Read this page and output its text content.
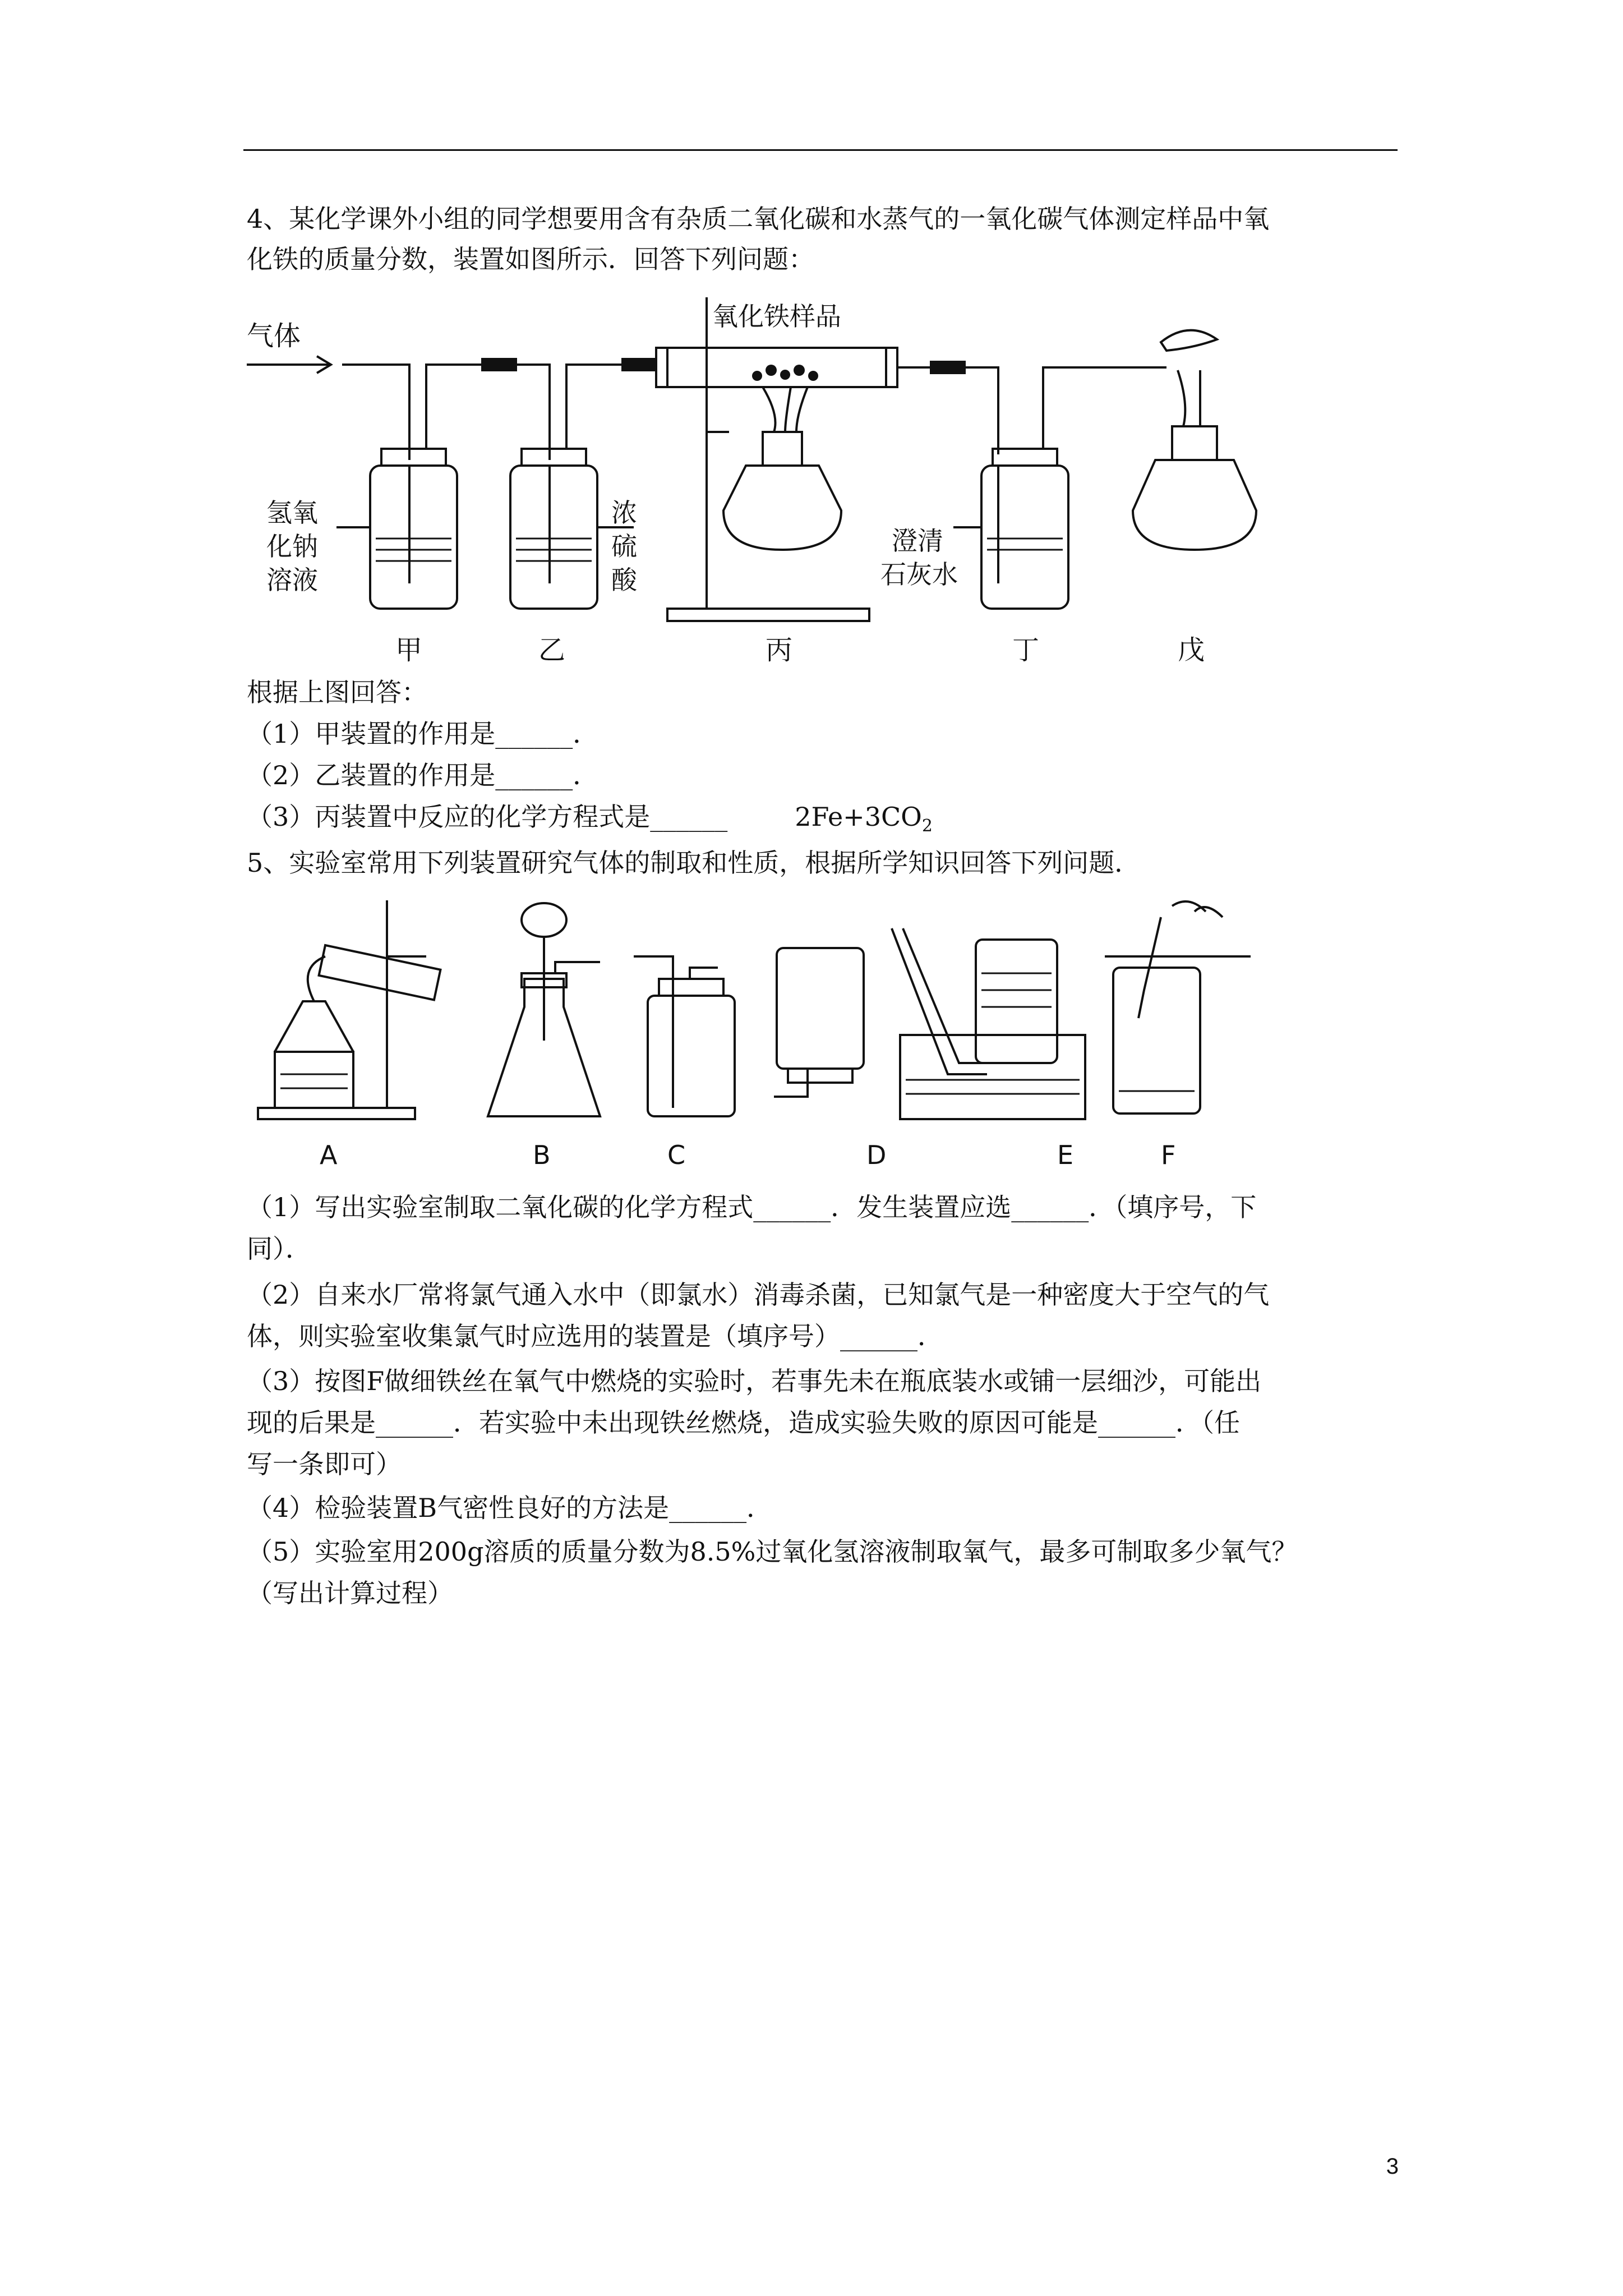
4、某化学课外小组的同学想要用含有杂质二氧化碳和水蒸气的一氧化碳气体测定样品中氧
化铁的质量分数，装置如图所示．回答下列问题：
气体
氧化铁样品
氢氧
化钠
溶液
浓
硫
酸
澄清
石灰水
甲	乙	丙	丁	戊
根据上图回答：
（1）甲装置的作用是______．
（2）乙装置的作用是______．
（3）丙装置中反应的化学方程式是______	$2Fe+3CO_2$
5、实验室常用下列装置研究气体的制取和性质，根据所学知识回答下列问题．
A	B	C	D	E	F
（1）写出实验室制取二氧化碳的化学方程式______．发生装置应选______．（填序号，下
同）．
（2）自来水厂常将氯气通入水中（即氯水）消毒杀菌，已知氯气是一种密度大于空气的气
体，则实验室收集氯气时应选用的装置是（填序号）______．
（3）按图F做细铁丝在氧气中燃烧的实验时，若事先未在瓶底装水或铺一层细沙，可能出
现的后果是______．若实验中未出现铁丝燃烧，造成实验失败的原因可能是______．（任
写一条即可）
（4）检验装置B气密性良好的方法是______．
（5）实验室用200g溶质的质量分数为8.5%过氧化氢溶液制取氧气，最多可制取多少氧气？
（写出计算过程）
3
